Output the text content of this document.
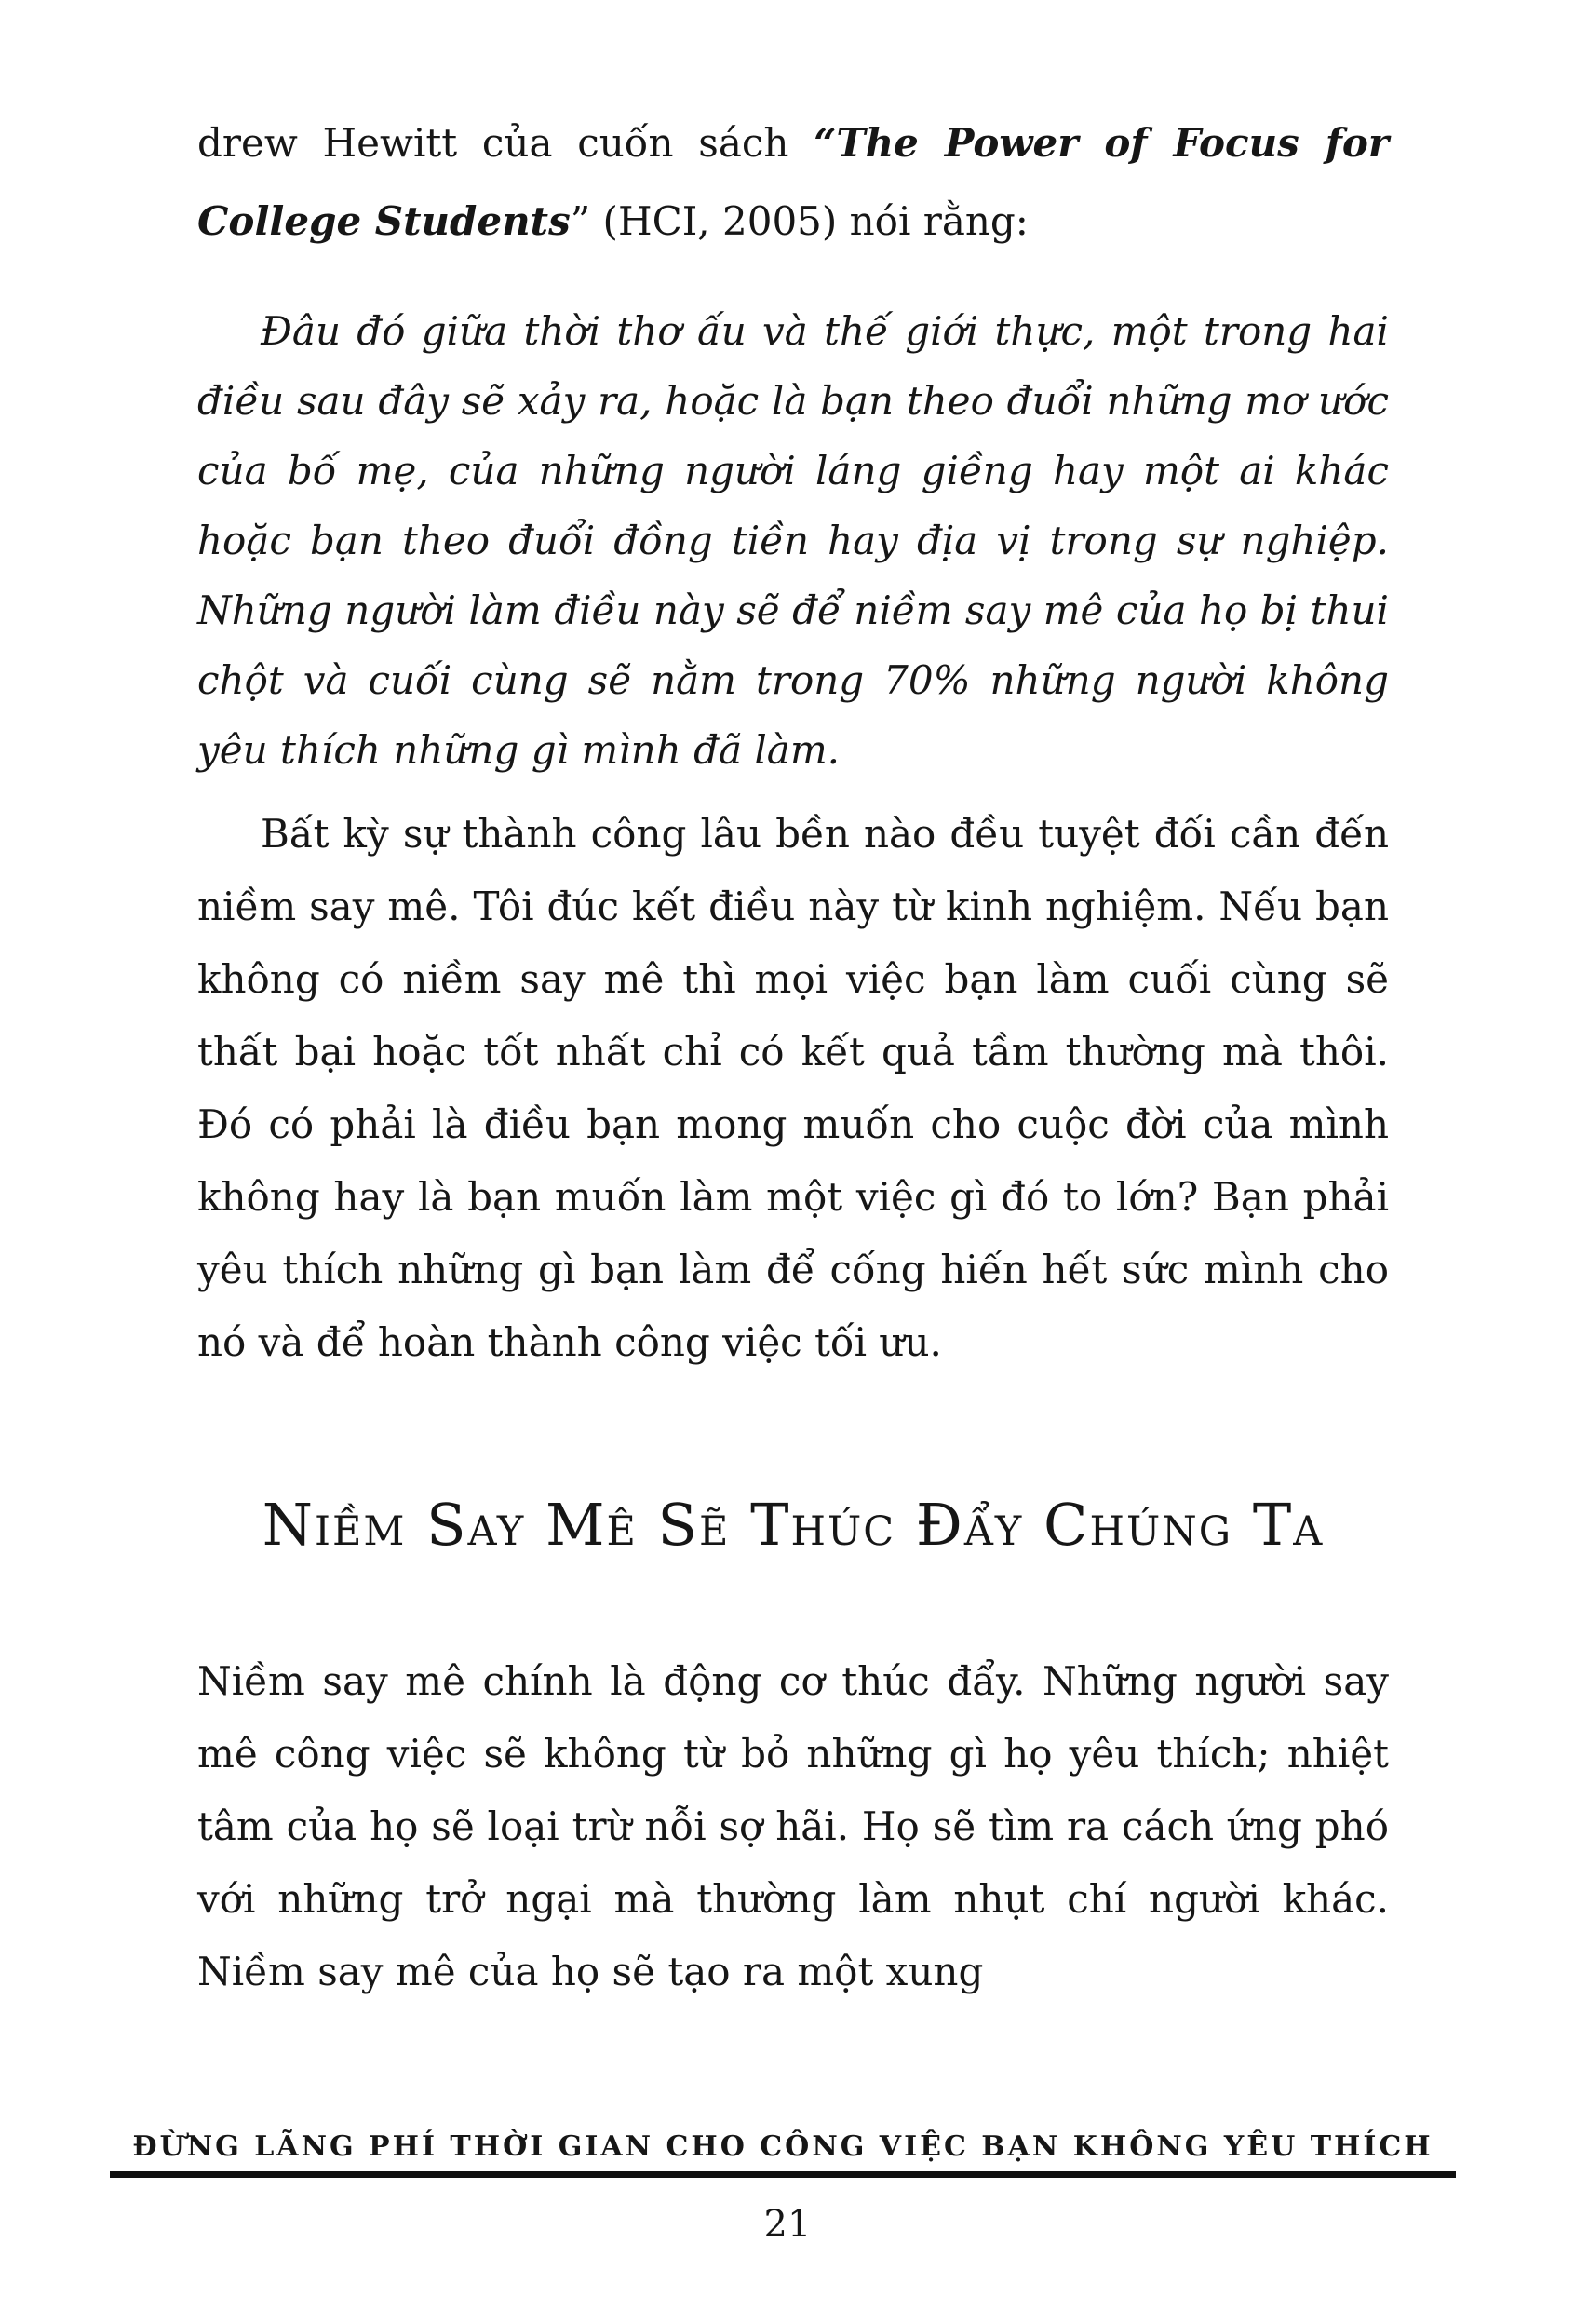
drew Hewitt của cuốn sách “The Power of Focus for College Students” (HCI, 2005) nói rằng:

Đâu đó giữa thời thơ ấu và thế giới thực, một trong hai điều sau đây sẽ xảy ra, hoặc là bạn theo đuổi những mơ ước của bố mẹ, của những người láng giềng hay một ai khác hoặc bạn theo đuổi đồng tiền hay địa vị trong sự nghiệp. Những người làm điều này sẽ để niềm say mê của họ bị thui chột và cuối cùng sẽ nằm trong 70% những người không yêu thích những gì mình đã làm.

Bất kỳ sự thành công lâu bền nào đều tuyệt đối cần đến niềm say mê. Tôi đúc kết điều này từ kinh nghiệm. Nếu bạn không có niềm say mê thì mọi việc bạn làm cuối cùng sẽ thất bại hoặc tốt nhất chỉ có kết quả tầm thường mà thôi. Đó có phải là điều bạn mong muốn cho cuộc đời của mình không hay là bạn muốn làm một việc gì đó to lớn? Bạn phải yêu thích những gì bạn làm để cống hiến hết sức mình cho nó và để hoàn thành công việc tối ưu.

Niềm Say Mê Sẽ Thúc Đẩy Chúng Ta

Niềm say mê chính là động cơ thúc đẩy. Những người say mê công việc sẽ không từ bỏ những gì họ yêu thích; nhiệt tâm của họ sẽ loại trừ nỗi sợ hãi. Họ sẽ tìm ra cách ứng phó với những trở ngại mà thường làm nhụt chí người khác. Niềm say mê của họ sẽ tạo ra một xung

ĐỪNG LÃNG PHÍ THỜI GIAN CHO CÔNG VIỆC BẠN KHÔNG YÊU THÍCH
21
